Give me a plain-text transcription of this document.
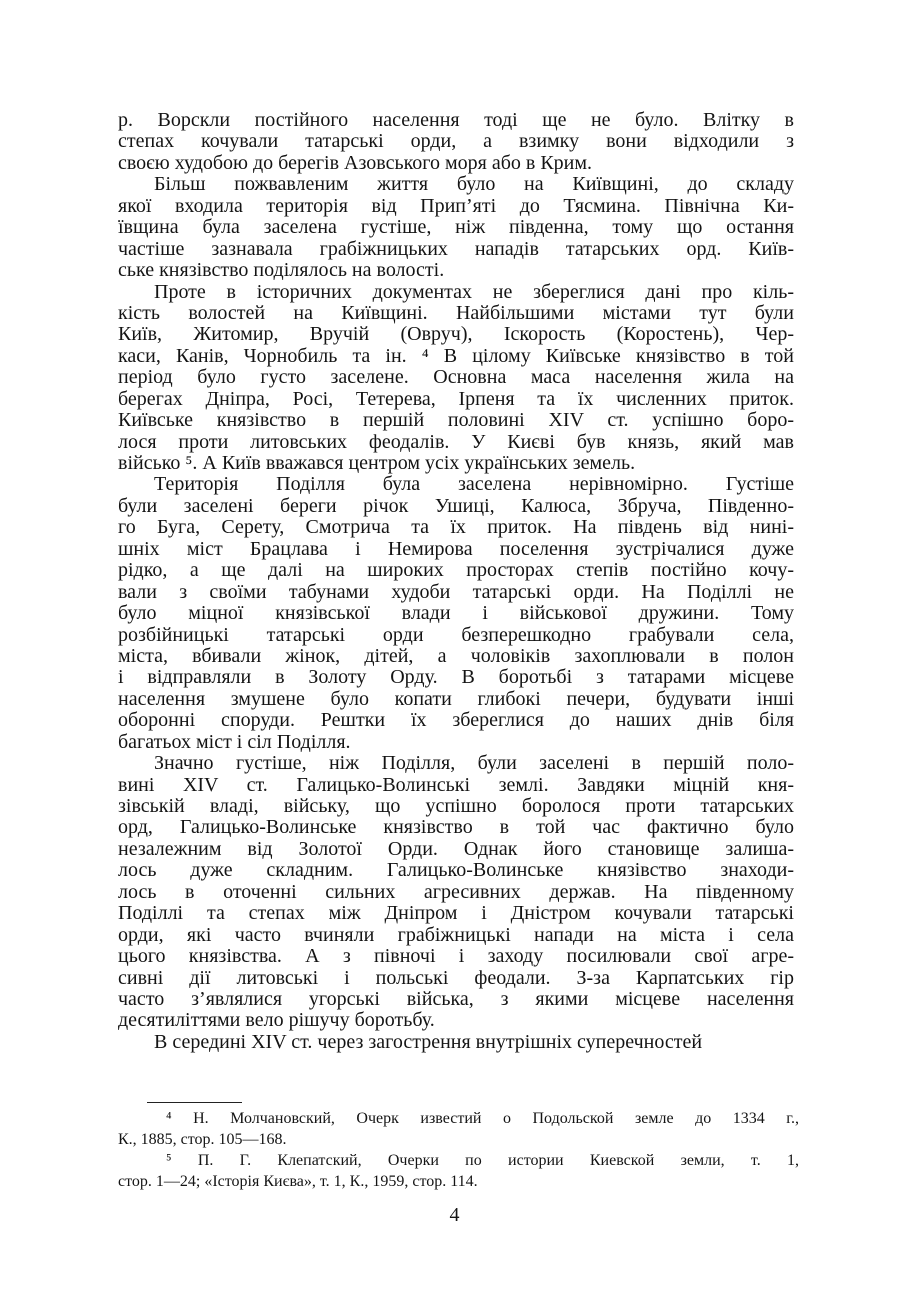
р. Ворскли постійного населення тоді ще не було. Влітку в
степах кочували татарські орди, а взимку вони відходили з
своєю худобою до берегів Азовського моря або в Крим.
Більш пожвавленим життя було на Київщині, до складу
якої входила територія від Прип’яті до Тясмина. Північна Ки-
ївщина була заселена густіше, ніж південна, тому що остання
частіше зазнавала грабіжницьких нападів татарських орд. Київ-
ське князівство поділялось на волості.
Проте в історичних документах не збереглися дані про кіль-
кість волостей на Київщині. Найбільшими містами тут були
Київ, Житомир, Вручій (Овруч), Іскорость (Коростень), Чер-
каси, Канів, Чорнобиль та ін. ⁴ В цілому Київське князівство в той
період було густо заселене. Основна маса населення жила на
берегах Дніпра, Росі, Тетерева, Ірпеня та їх численних приток.
Київське князівство в першій половині XIV ст. успішно боро-
лося проти литовських феодалів. У Києві був князь, який мав
військо ⁵. А Київ вважався центром усіх українських земель.
Територія Поділля була заселена нерівномірно. Густіше
були заселені береги річок Ушиці, Калюса, Збруча, Південно-
го Буга, Серету, Смотрича та їх приток. На південь від нині-
шніх міст Брацлава і Немирова поселення зустрічалися дуже
рідко, а ще далі на широких просторах степів постійно кочу-
вали з своїми табунами худоби татарські орди. На Поділлі не
було міцної князівської влади і військової дружини. Тому
розбійницькі татарські орди безперешкодно грабували села,
міста, вбивали жінок, дітей, а чоловіків захоплювали в полон
і відправляли в Золоту Орду. В боротьбі з татарами місцеве
населення змушене було копати глибокі печери, будувати інші
оборонні споруди. Рештки їх збереглися до наших днів біля
багатьох міст і сіл Поділля.
Значно густіше, ніж Поділля, були заселені в першій поло-
вині XIV ст. Галицько-Волинські землі. Завдяки міцній кня-
зівській владі, війську, що успішно боролося проти татарських
орд, Галицько-Волинське князівство в той час фактично було
незалежним від Золотої Орди. Однак його становище залиша-
лось дуже складним. Галицько-Волинське князівство знаходи-
лось в оточенні сильних агресивних держав. На південному
Поділлі та степах між Дніпром і Дністром кочували татарські
орди, які часто вчиняли грабіжницькі напади на міста і села
цього князівства. А з півночі і заходу посилювали свої агре-
сивні дії литовські і польські феодали. З-за Карпатських гір
часто з’являлися угорські війська, з якими місцеве населення
десятиліттями вело рішучу боротьбу.
В середині XIV ст. через загострення внутрішніх суперечностей
⁴ Н. Молчановский, Очерк известий о Подольской земле до 1334 г.,
К., 1885, стор. 105—168.
⁵ П. Г. Клепатский, Очерки по истории Киевской земли, т. 1,
стор. 1—24; «Історія Києва», т. 1, К., 1959, стор. 114.
4
